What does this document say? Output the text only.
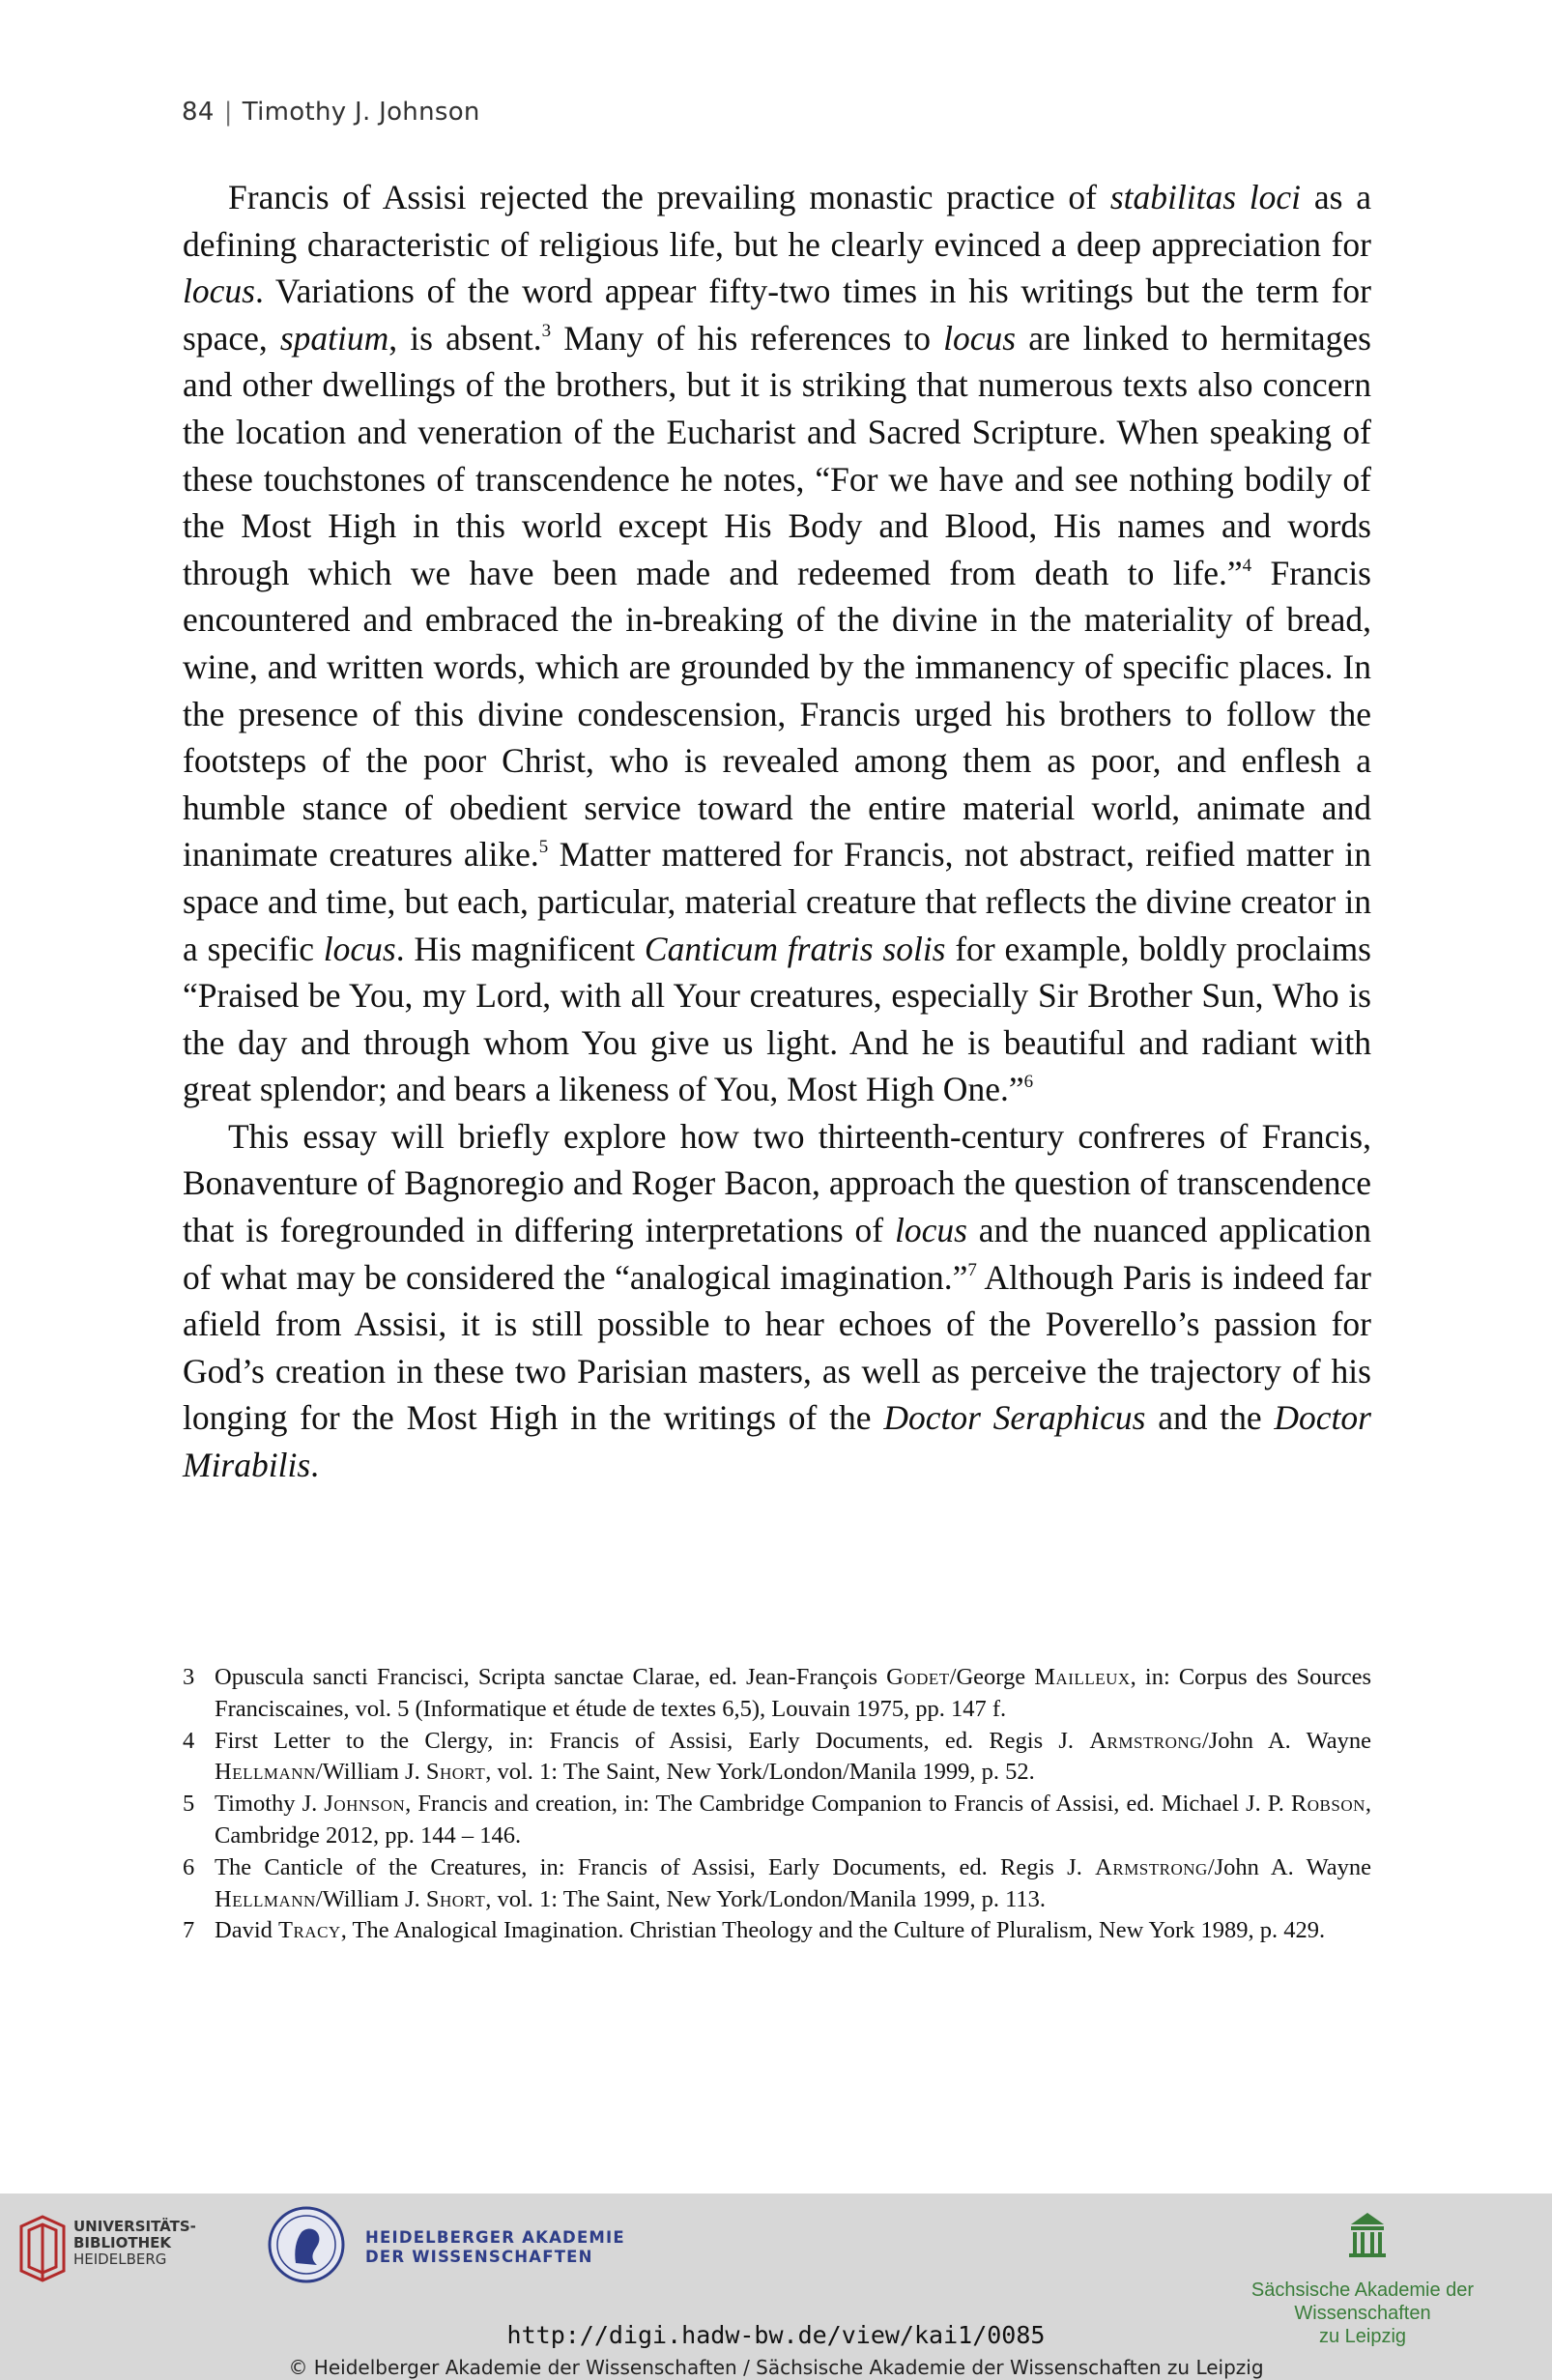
84 | Timothy J. Johnson

Francis of Assisi rejected the prevailing monastic practice of stabilitas loci as a defining characteristic of religious life, but he clearly evinced a deep appreciation for locus. Variations of the word appear fifty-two times in his writings but the term for space, spatium, is absent.$^3$ Many of his references to locus are linked to hermitages and other dwellings of the brothers, but it is striking that numerous texts also concern the location and veneration of the Eucharist and Sacred Scripture. When speaking of these touchstones of transcendence he notes, “For we have and see nothing bodily of the Most High in this world except His Body and Blood, His names and words through which we have been made and redeemed from death to life.”$^4$ Francis encountered and embraced the in-breaking of the divine in the materiality of bread, wine, and written words, which are grounded by the immanency of specific places. In the presence of this divine condescension, Francis urged his brothers to follow the footsteps of the poor Christ, who is revealed among them as poor, and enflesh a humble stance of obedient service toward the entire material world, animate and inanimate creatures alike.$^5$ Matter mattered for Francis, not abstract, reified matter in space and time, but each, particular, material creature that reflects the divine creator in a specific locus. His magnificent Canticum fratris solis for example, boldly proclaims “Praised be You, my Lord, with all Your creatures, especially Sir Brother Sun, Who is the day and through whom You give us light. And he is beautiful and radiant with great splendor; and bears a likeness of You, Most High One.”$^6$

This essay will briefly explore how two thirteenth-century confreres of Francis, Bonaventure of Bagnoregio and Roger Bacon, approach the question of transcendence that is foregrounded in differing interpretations of locus and the nuanced application of what may be considered the “analogical imagination.”$^7$ Although Paris is indeed far afield from Assisi, it is still possible to hear echoes of the Poverello’s passion for God’s creation in these two Parisian masters, as well as perceive the trajectory of his longing for the Most High in the writings of the Doctor Seraphicus and the Doctor Mirabilis.

3 Opuscula sancti Francisci, Scripta sanctae Clarae, ed. Jean-François Godet/George Mailleux, in: Corpus des Sources Franciscaines, vol. 5 (Informatique et étude de textes 6,5), Louvain 1975, pp. 147 f.
4 First Letter to the Clergy, in: Francis of Assisi, Early Documents, ed. Regis J. Armstrong/John A. Wayne Hellmann/William J. Short, vol. 1: The Saint, New York/London/Manila 1999, p. 52.
5 Timothy J. Johnson, Francis and creation, in: The Cambridge Companion to Francis of Assisi, ed. Michael J. P. Robson, Cambridge 2012, pp. 144 – 146.
6 The Canticle of the Creatures, in: Francis of Assisi, Early Documents, ed. Regis J. Armstrong/John A. Wayne Hellmann/William J. Short, vol. 1: The Saint, New York/London/Manila 1999, p. 113.
7 David Tracy, The Analogical Imagination. Christian Theology and the Culture of Pluralism, New York 1989, p. 429.
UNIVERSITÄTS-
BIBLIOTHEK
HEIDELBERG
HEIDELBERGER AKADEMIE
DER WISSENSCHAFTEN
Sächsische Akademie der Wissenschaften
zu Leipzig
http://digi.hadw-bw.de/view/kai1/0085
© Heidelberger Akademie der Wissenschaften / Sächsische Akademie der Wissenschaften zu Leipzig
